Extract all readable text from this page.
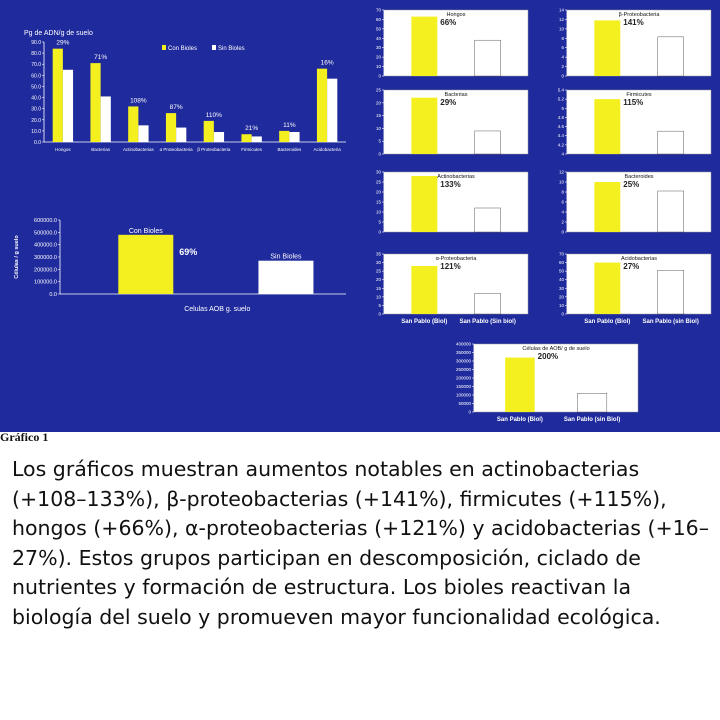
Pg de ADN/g de suelo
0.0
10.0
20.0
30.0
40.0
50.0
60.0
70.0
80.0
90.0 29%
Hongos
71%
Bacterias
108%
Actinobacterias
87%
α Proteobacteria
110%
β Proteobacteria
21%
Firmicutes
11%
Bacteroides
16%
Acidobacteria
Con Bioles	Sin Bioles
0.0
100000.0
200000.0
300000.0
400000.0
500000.0
600000.0
Células / g suelo
Con Bioles
Sin Bioles
69%
Celulas AOB g. suelo
0
10
20
30
40
50
60
70
Hongos
66%
0
2
4
6
8
10
12
14
β-Proteobacteria
141%
0
5
10
15
20
25
Bacterias
29%
4
4.2
4.4
4.6
4.8
5
5.2
5.4
Firmicutes
115%
0
5
10
15
20
25
30
Actinobacterias
133%
0
2
4
6
8
10
12
Bacteroides
25%
0
5
10
15
20
25
30
35
α-Proteobacteria
121%
San Pablo (Biol) San Pablo (Sin biol)
0
10
20
30
40
50
60
70
Acidobacterias
27%
San Pablo (Biol) San Pablo (sin Biol)
0
50000
100000
150000
200000
250000
300000
350000
400000
Células de AOB/ g de suelo
200%
San Pablo (Biol)	San Pablo (sin Biol)
Gráfico 1
Los gráficos muestran aumentos notables en actinobacterias (+108–133%), β-proteobacterias (+141%), firmicutes (+115%), hongos (+66%), α-proteobacterias (+121%) y acidobacterias (+16–27%). Estos grupos participan en descomposición, ciclado de nutrientes y formación de estructura. Los bioles reactivan la biología del suelo y promueven mayor funcionalidad ecológica.
